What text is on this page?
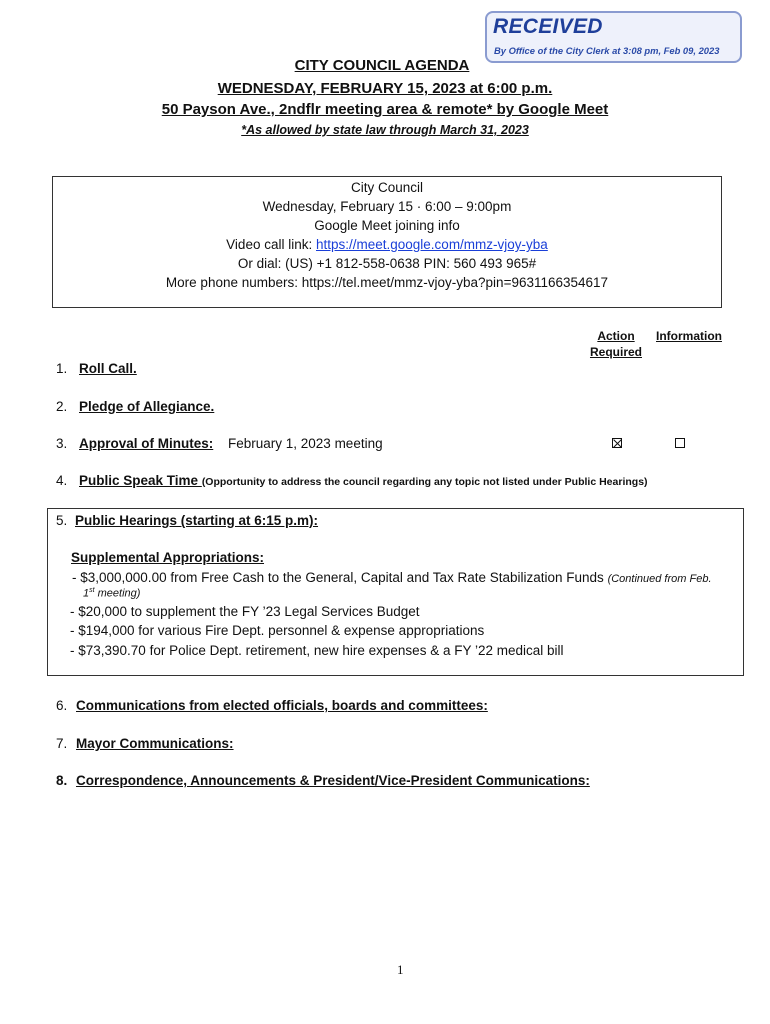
RECEIVED
By Office of the City Clerk at 3:08 pm, Feb 09, 2023
CITY COUNCIL AGENDA
WEDNESDAY, FEBRUARY 15, 2023 at 6:00 p.m.
50 Payson Ave., 2ndflr meeting area & remote* by Google Meet
*As allowed by state law through March 31, 2023
City Council
Wednesday, February 15 · 6:00 – 9:00pm
Google Meet joining info
Video call link: https://meet.google.com/mmz-vjoy-yba
Or dial: (US) +1 812-558-0638 PIN: 560 493 965#
More phone numbers: https://tel.meet/mmz-vjoy-yba?pin=9631166354617
Action
Required
Information
1. Roll Call.
2. Pledge of Allegiance.
3. Approval of Minutes: February 1, 2023 meeting
4. Public Speak Time (Opportunity to address the council regarding any topic not listed under Public Hearings)
5. Public Hearings (starting at 6:15 p.m):
Supplemental Appropriations:
- $3,000,000.00 from Free Cash to the General, Capital and Tax Rate Stabilization Funds (Continued from Feb.
1st meeting)
- $20,000 to supplement the FY ’23 Legal Services Budget
- $194,000 for various Fire Dept. personnel & expense appropriations
- $73,390.70 for Police Dept. retirement, new hire expenses & a FY ’22 medical bill
6. Communications from elected officials, boards and committees:
7. Mayor Communications:
8. Correspondence, Announcements & President/Vice-President Communications:
1
